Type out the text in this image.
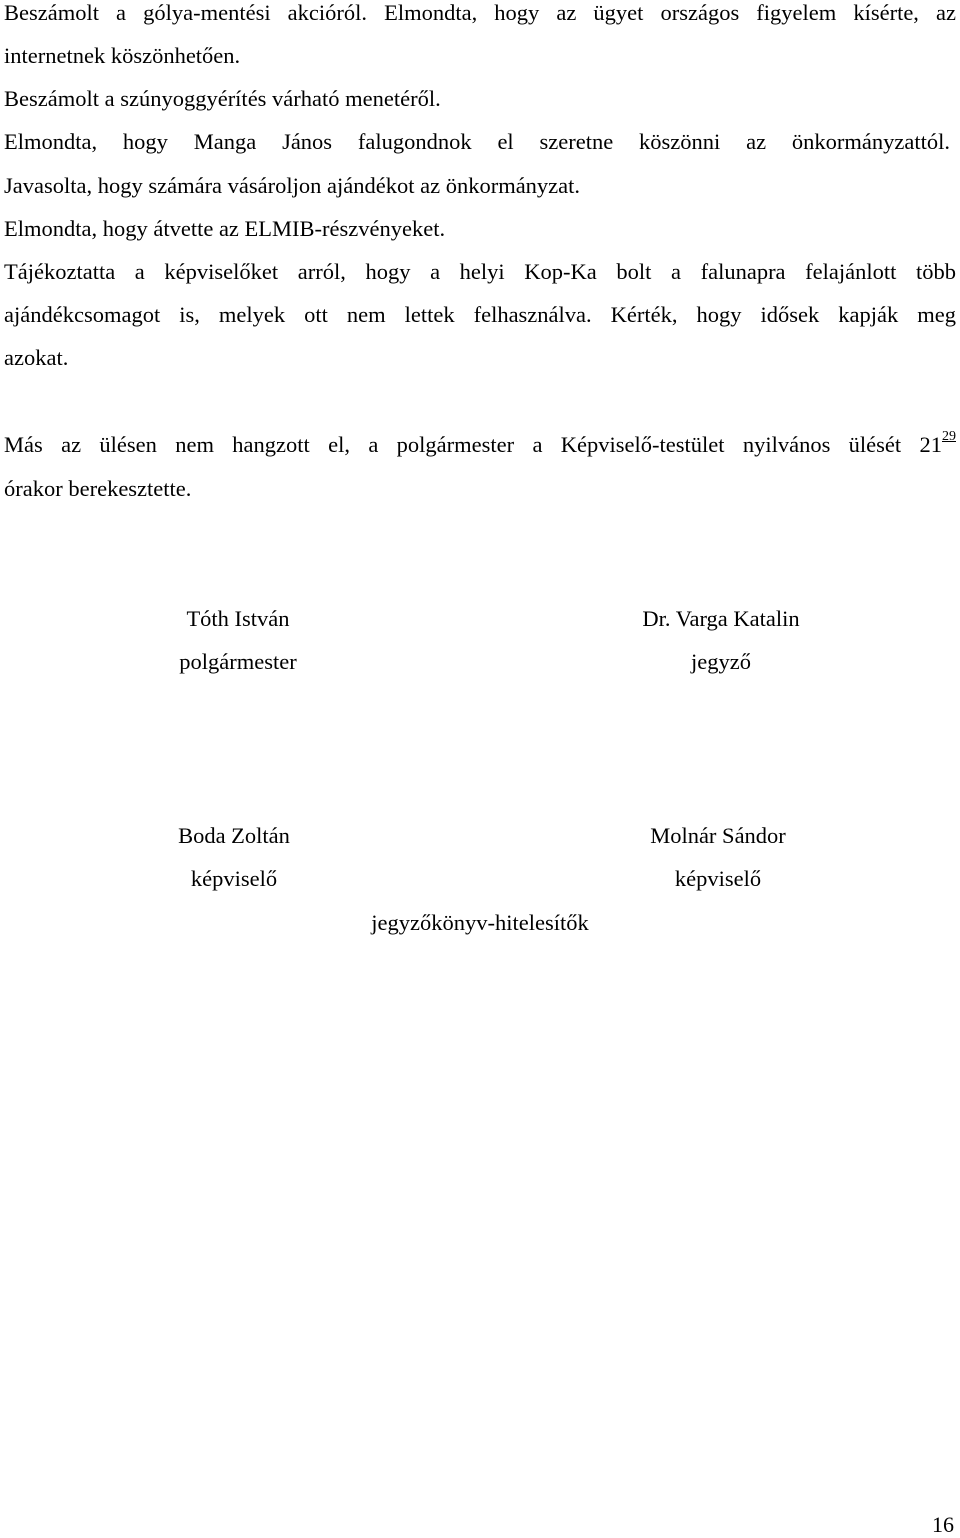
Beszámolt a gólya-mentési akcióról. Elmondta, hogy az ügyet országos figyelem kísérte, az
internetnek köszönhetően.
Beszámolt a szúnyoggyérítés várható menetéről.
Elmondta, hogy Manga János falugondnok el szeretne köszönni az önkormányzattól.
Javasolta, hogy számára vásároljon ajándékot az önkormányzat.
Elmondta, hogy átvette az ELMIB-részvényeket.
Tájékoztatta a képviselőket arról, hogy a helyi Kop-Ka bolt a falunapra felajánlott több
ajándékcsomagot is, melyek ott nem lettek felhasználva. Kérték, hogy idősek kapják meg
azokat.
Más az ülésen nem hangzott el, a polgármester a Képviselő-testület nyilvános ülését $21^{29}$
órakor berekesztette.
Tóth István
polgármester
Dr. Varga Katalin
jegyző
Boda Zoltán
képviselő
Molnár Sándor
képviselő
jegyzőkönyv-hitelesítők
16
